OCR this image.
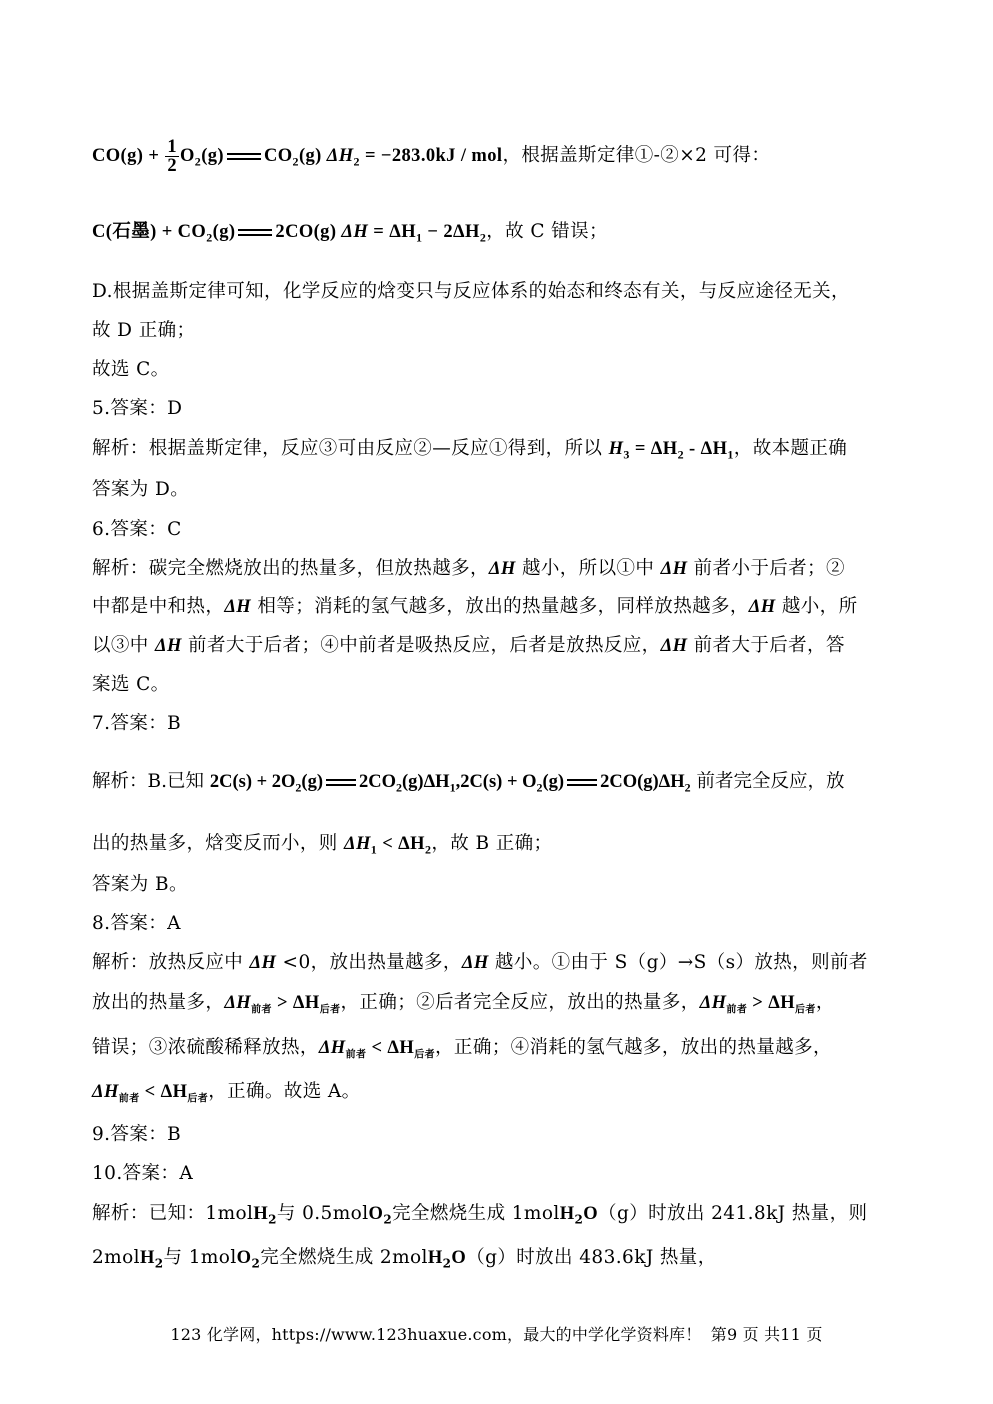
$CO(g) + \frac{1}{2} O_2(g)$ $CO_2(g) \Delta H_2 = -283.0kJ$ / mol，根据盖斯定律①-②×2 可得：
C(石墨) + $CO_2(g)$ 2CO(g) $\Delta H = \Delta H_1 - 2\Delta H_2$，故 C 错误；
D.根据盖斯定律可知，化学反应的焓变只与反应体系的始态和终态有关，与反应途径无关，
故 D 正确；
故选 C。
5.答案：D
解析：根据盖斯定律，反应③可由反应②—反应①得到，所以 $H_3 = \Delta H_2 - \Delta H_1$，故本题正确
答案为 D。
6.答案：C
解析：碳完全燃烧放出的热量多，但放热越多，ΔH 越小，所以①中 ΔH 前者小于后者；②
中都是中和热，ΔH 相等；消耗的氢气越多，放出的热量越多，同样放热越多，ΔH 越小，所
以③中 ΔH 前者大于后者；④中前者是吸热反应，后者是放热反应，ΔH 前者大于后者，答
案选 C。
7.答案：B
解析：B.已知 $2C(s) + 2O_2(g) 2CO_2(g)\Delta H_1,2C(s) + O_2(g)$ $2CO(g)\Delta H_2$ 前者完全反应，放
出的热量多，焓变反而小，则 $\Delta H_1 < \Delta H_2$，故 B 正确；
答案为 B。
8.答案：A
解析：放热反应中 ΔH <0，放出热量越多，ΔH 越小。①由于 S（g）→S（s）放热，则前者
放出的热量多，$\Delta H_{前者} > \Delta H_{后者}$，正确；②后者完全反应，放出的热量多，$\Delta H_{前者} > \Delta H_{后者}$，
错误；③浓硫酸稀释放热，$\Delta H_{前者} < \Delta H_{后者}$，正确；④消耗的氢气越多，放出的热量越多，
$\Delta H_{前者} < \Delta H_{后者}$，正确。故选 A。
9.答案：B
10.答案：A
解析：已知：1molH$_2$与 0.5molO$_2$完全燃烧生成 1molH$_2$O（g）时放出 241.8kJ 热量，则
2molH$_2$与 1molO$_2$完全燃烧生成 2molH$_2$O（g）时放出 483.6kJ 热量，
123 化学网，https://www.123huaxue.com，最大的中学化学资料库！ 第9 页 共11 页
